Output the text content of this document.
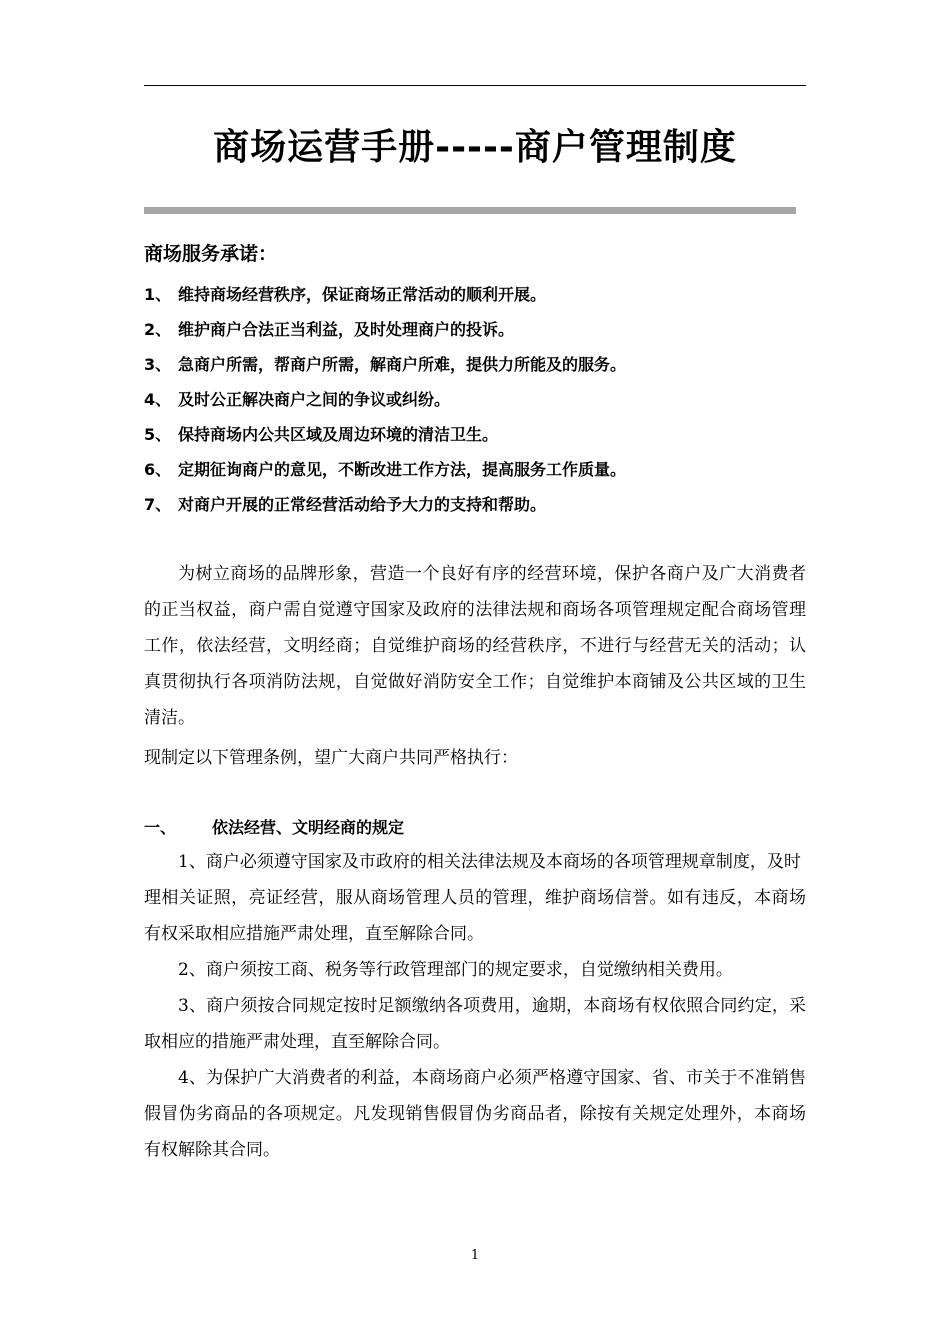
商场运营手册-----商户管理制度
商场服务承诺：
1、 维持商场经营秩序，保证商场正常活动的顺利开展。
2、 维护商户合法正当利益，及时处理商户的投诉。
3、 急商户所需，帮商户所需，解商户所难，提供力所能及的服务。
4、 及时公正解决商户之间的争议或纠纷。
5、 保持商场内公共区域及周边环境的清洁卫生。
6、 定期征询商户的意见，不断改进工作方法，提高服务工作质量。
7、 对商户开展的正常经营活动给予大力的支持和帮助。

为树立商场的品牌形象，营造一个良好有序的经营环境，保护各商户及广大消费者的正当权益，商户需自觉遵守国家及政府的法律法规和商场各项管理规定配合商场管理工作，依法经营，文明经商；自觉维护商场的经营秩序，不进行与经营无关的活动；认真贯彻执行各项消防法规，自觉做好消防安全工作；自觉维护本商铺及公共区域的卫生清洁。

现制定以下管理条例，望广大商户共同严格执行：

一、	依法经营、文明经商的规定

1、商户必须遵守国家及市政府的相关法律法规及本商场的各项管理规章制度，及时

理相关证照，亮证经营，服从商场管理人员的管理，维护商场信誉。如有违反，本商场有权采取相应措施严肃处理，直至解除合同。

2、商户须按工商、税务等行政管理部门的规定要求，自觉缴纳相关费用。

3、商户须按合同规定按时足额缴纳各项费用，逾期，本商场有权依照合同约定，采取相应的措施严肃处理，直至解除合同。

4、为保护广大消费者的利益，本商场商户必须严格遵守国家、省、市关于不准销售假冒伪劣商品的各项规定。凡发现销售假冒伪劣商品者，除按有关规定处理外，本商场有权解除其合同。

1
